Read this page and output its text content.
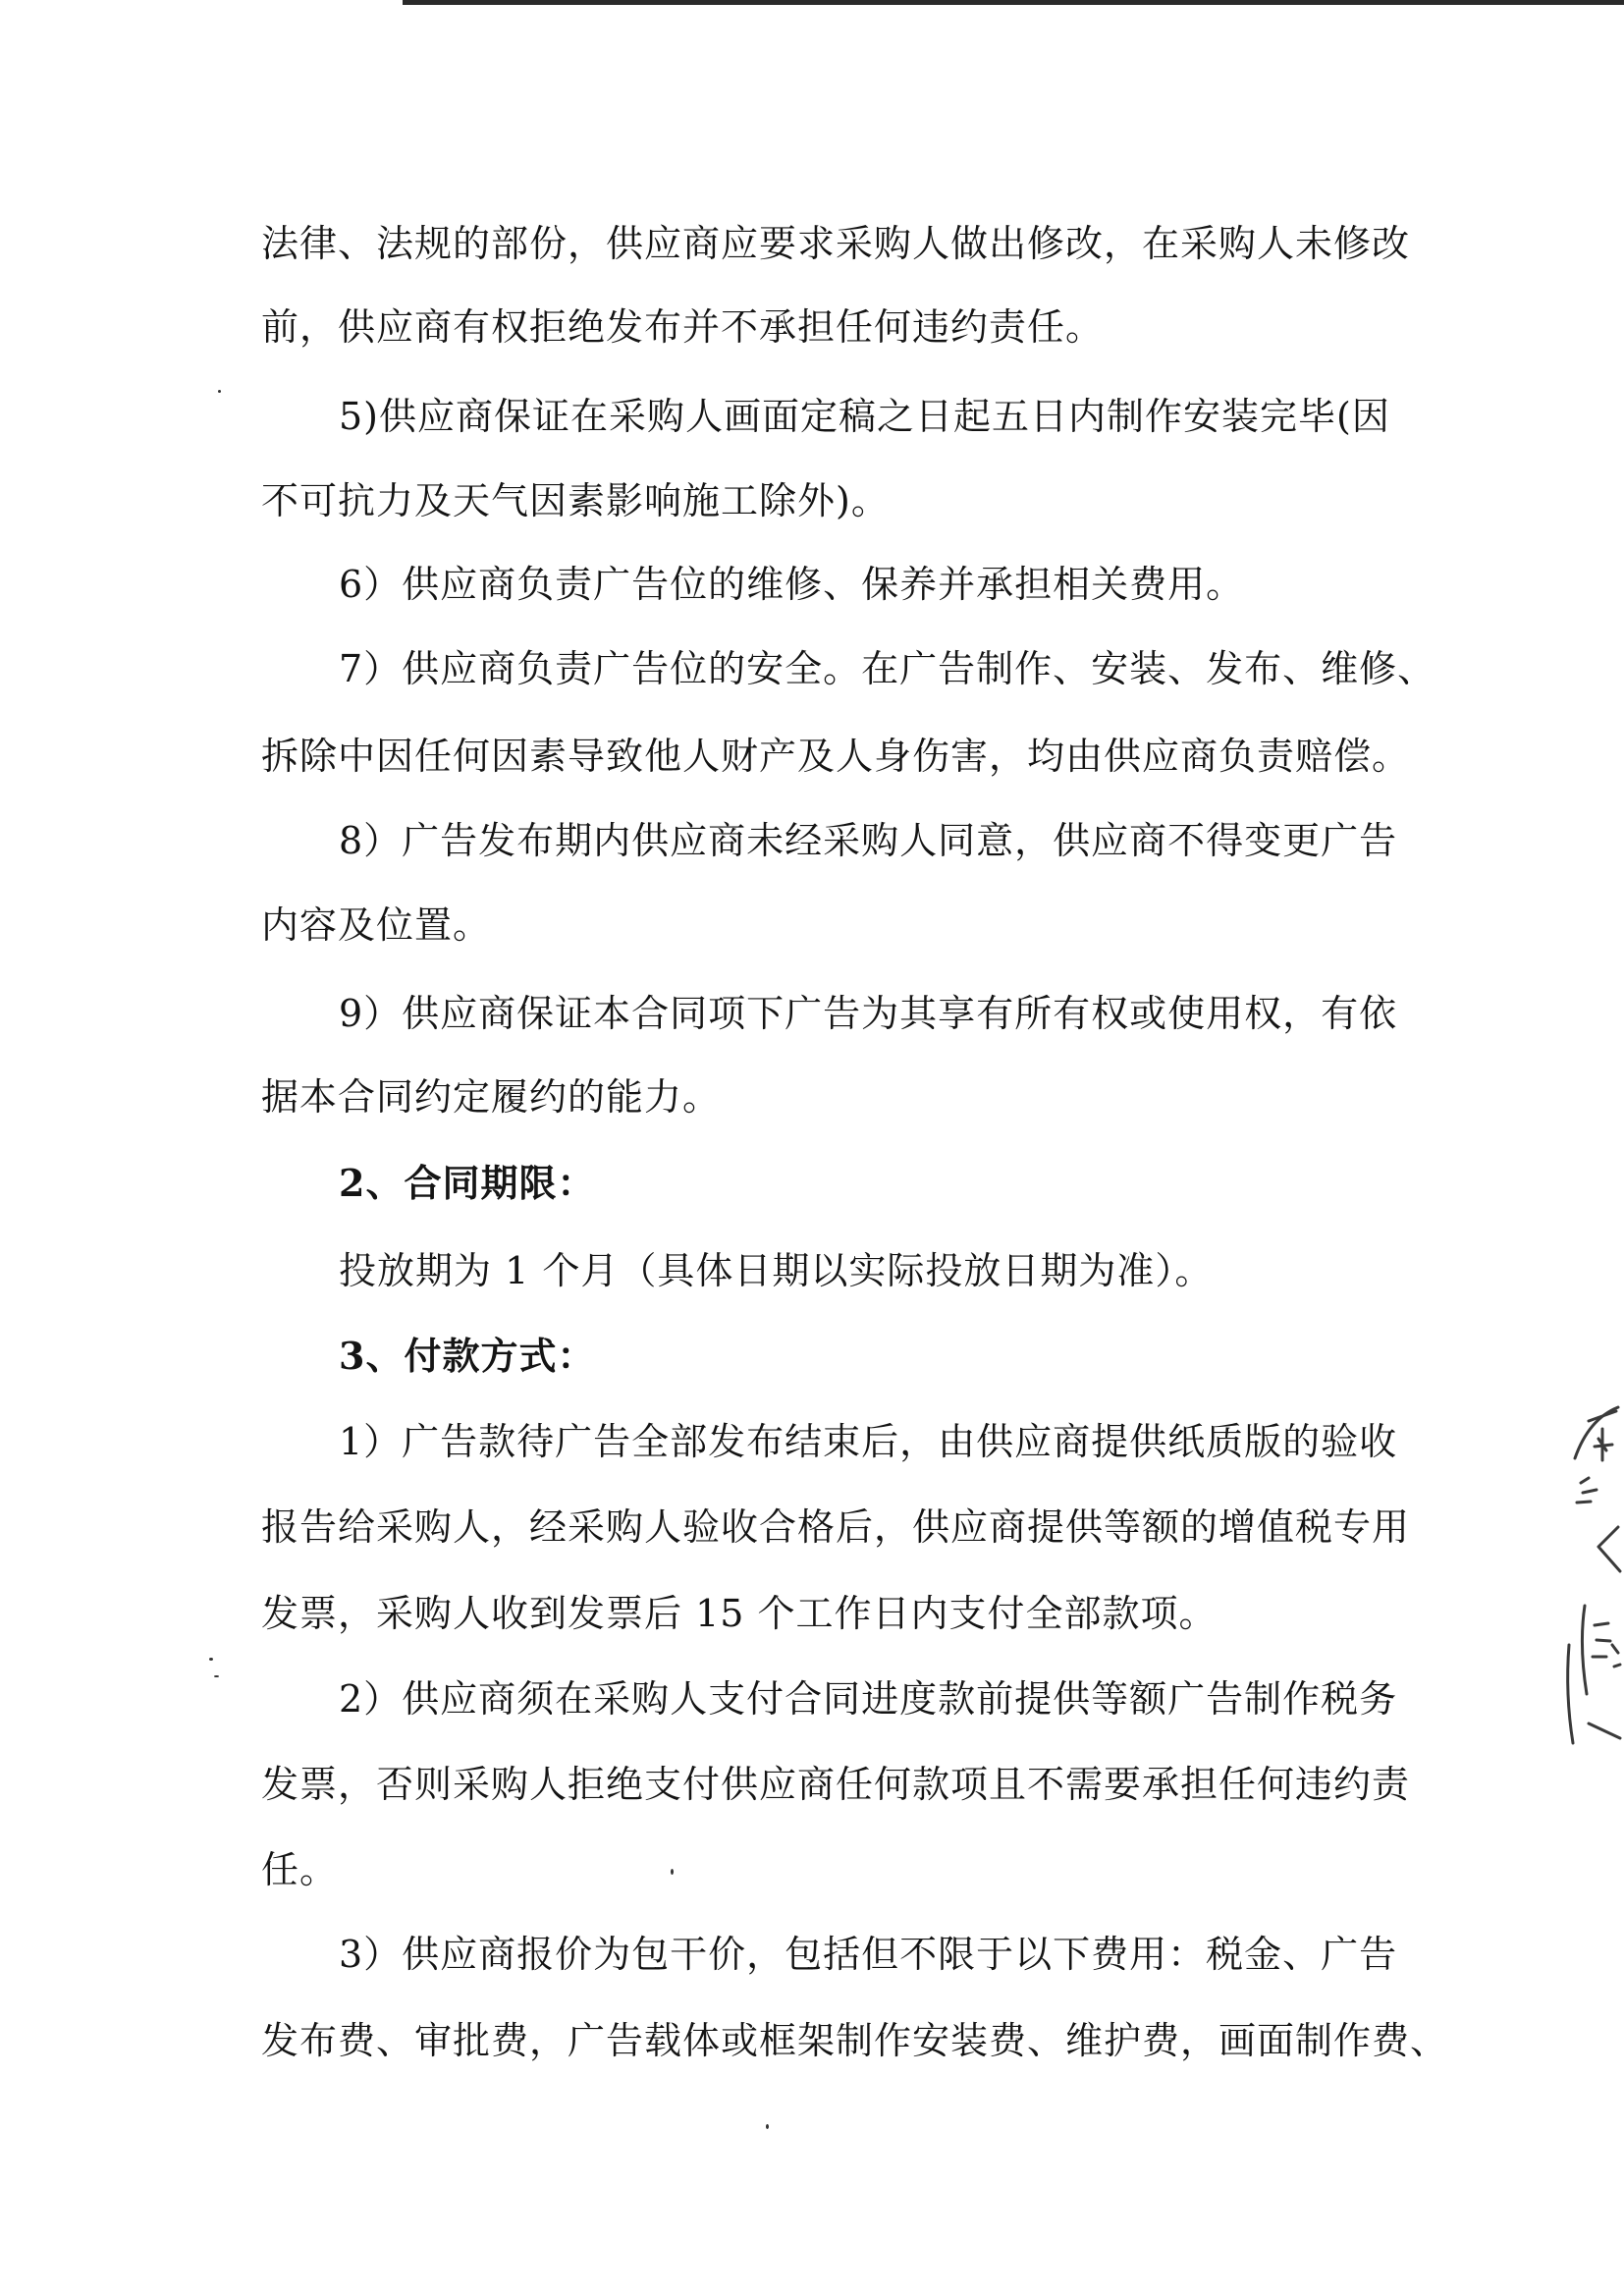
法律、法规的部份，供应商应要求采购人做出修改，在采购人未修改
前，供应商有权拒绝发布并不承担任何违约责任。
5)供应商保证在采购人画面定稿之日起五日内制作安装完毕(因
不可抗力及天气因素影响施工除外)。
6）供应商负责广告位的维修、保养并承担相关费用。
7）供应商负责广告位的安全。在广告制作、安装、发布、维修、
拆除中因任何因素导致他人财产及人身伤害，均由供应商负责赔偿。
8）广告发布期内供应商未经采购人同意，供应商不得变更广告
内容及位置。
9）供应商保证本合同项下广告为其享有所有权或使用权，有依
据本合同约定履约的能力。
2、合同期限：
投放期为 1 个月（具体日期以实际投放日期为准）。
3、付款方式：
1）广告款待广告全部发布结束后，由供应商提供纸质版的验收
报告给采购人，经采购人验收合格后，供应商提供等额的增值税专用
发票，采购人收到发票后 15 个工作日内支付全部款项。
2）供应商须在采购人支付合同进度款前提供等额广告制作税务
发票，否则采购人拒绝支付供应商任何款项且不需要承担任何违约责
任。
3）供应商报价为包干价，包括但不限于以下费用：税金、广告
发布费、审批费，广告载体或框架制作安装费、维护费，画面制作费、
